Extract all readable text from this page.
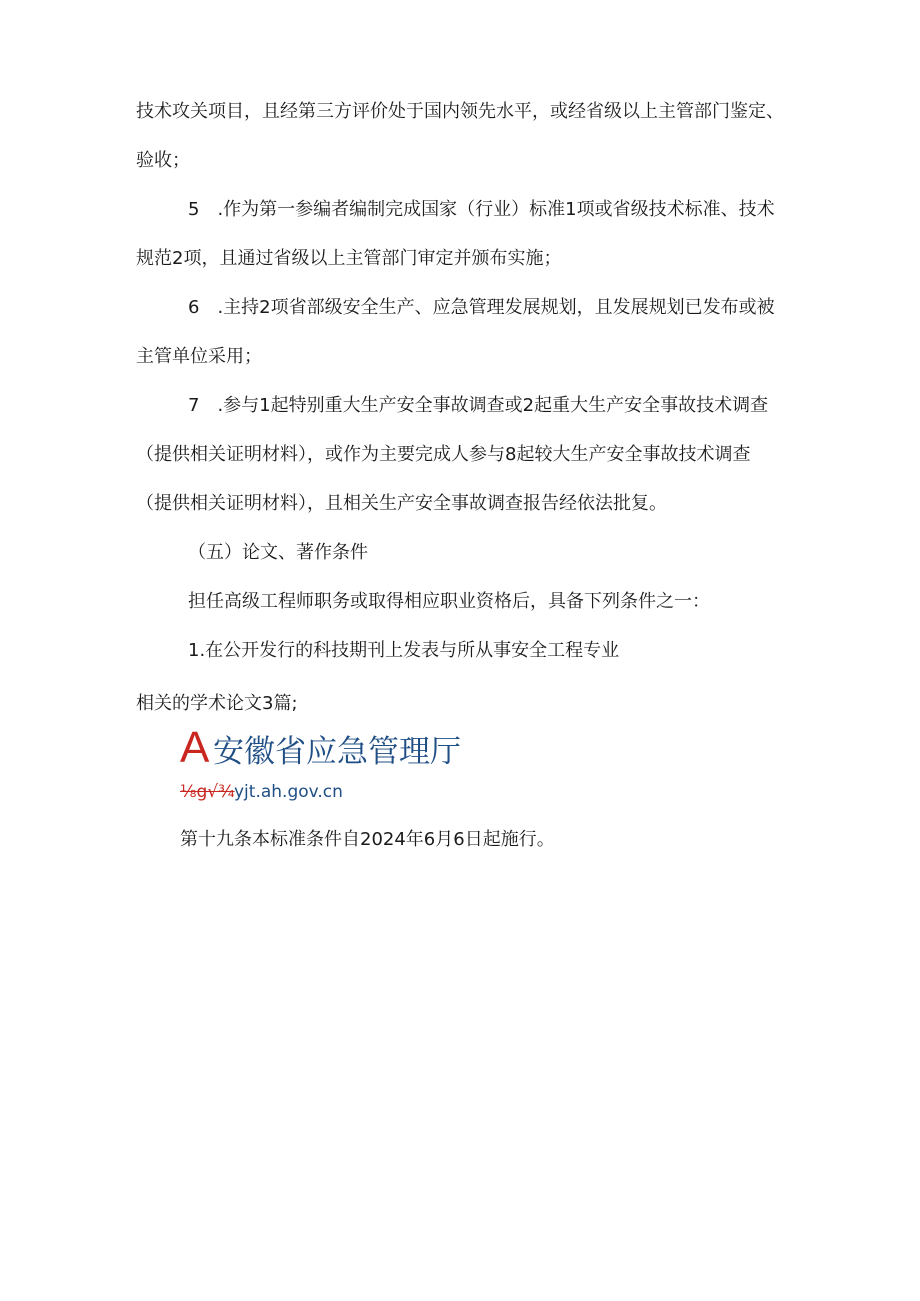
技术攻关项目，且经第三方评价处于国内领先水平，或经省级以上主管部门鉴定、
验收；
5　.作为第一参编者编制完成国家（行业）标准1项或省级技术标准、技术
规范2项，且通过省级以上主管部门审定并颁布实施；
6　.主持2项省部级安全生产、应急管理发展规划，且发展规划已发布或被
主管单位采用；
7　.参与1起特别重大生产安全事故调查或2起重大生产安全事故技术调查
（提供相关证明材料），或作为主要完成人参与8起较大生产安全事故技术调查
（提供相关证明材料），且相关生产安全事故调查报告经依法批复。
（五）论文、著作条件
担任高级工程师职务或取得相应职业资格后，具备下列条件之一：
1.在公开发行的科技期刊上发表与所从事安全工程专业
相关的学术论文3篇;
A 安徽省应急管理厅
⅛g√¾ yjt.ah.gov.cn
第十九条本标准条件自2024年6月6日起施行。
